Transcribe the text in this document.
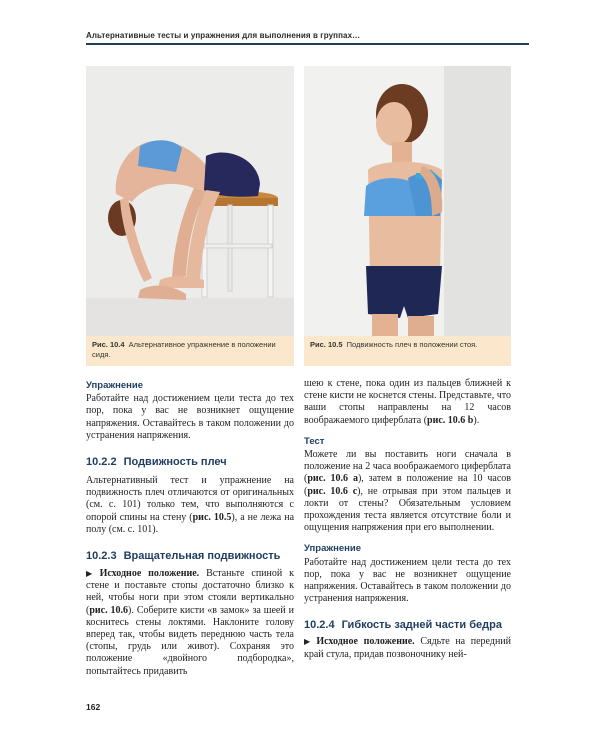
Альтернативные тесты и упражнения для выполнения в группах…
Рис. 10.4 Альтернативное упражнение в положении сидя.
Рис. 10.5 Подвижность плеч в положении стоя.
Упражнение

Работайте над достижением цели теста до тех пор, пока у вас не возникнет ощущение напряжения. Оставайтесь в таком положении до устранения напряжения.

10.2.2 Подвижность плеч

Альтернативный тест и упражнение на подвижность плеч отличаются от оригинальных (см. с. 101) только тем, что выполняются с опорой спины на стену (рис. 10.5), а не лежа на полу (см. с. 101).

10.2.3 Вращательная подвижность

▶ Исходное положение. Встаньте спиной к стене и поставьте стопы достаточно близко к ней, чтобы ноги при этом стояли вертикально (рис. 10.6). Соберите кисти «в замок» за шеей и коснитесь стены локтями. Наклоните голову вперед так, чтобы видеть переднюю часть тела (стопы, грудь или живот). Сохраняя это положение «двойного подбородка», попытайтесь придавить

шею к стене, пока один из пальцев ближней к стене кисти не коснется стены. Представьте, что ваши стопы направлены на 12 часов воображаемого циферблата (рис. 10.6 b).

Тест

Можете ли вы поставить ноги сначала в положение на 2 часа воображаемого циферблата (рис. 10.6 a), затем в положение на 10 часов (рис. 10.6 c), не отрывая при этом пальцев и локти от стены? Обязательным условием прохождения теста является отсутствие боли и ощущения напряжения при его выполнении.

Упражнение

Работайте над достижением цели теста до тех пор, пока у вас не возникнет ощущение напряжения. Оставайтесь в таком положении до устранения напряжения.

10.2.4 Гибкость задней части бедра

▶ Исходное положение. Сядьте на передний край стула, придав позвоночнику ней-

162
